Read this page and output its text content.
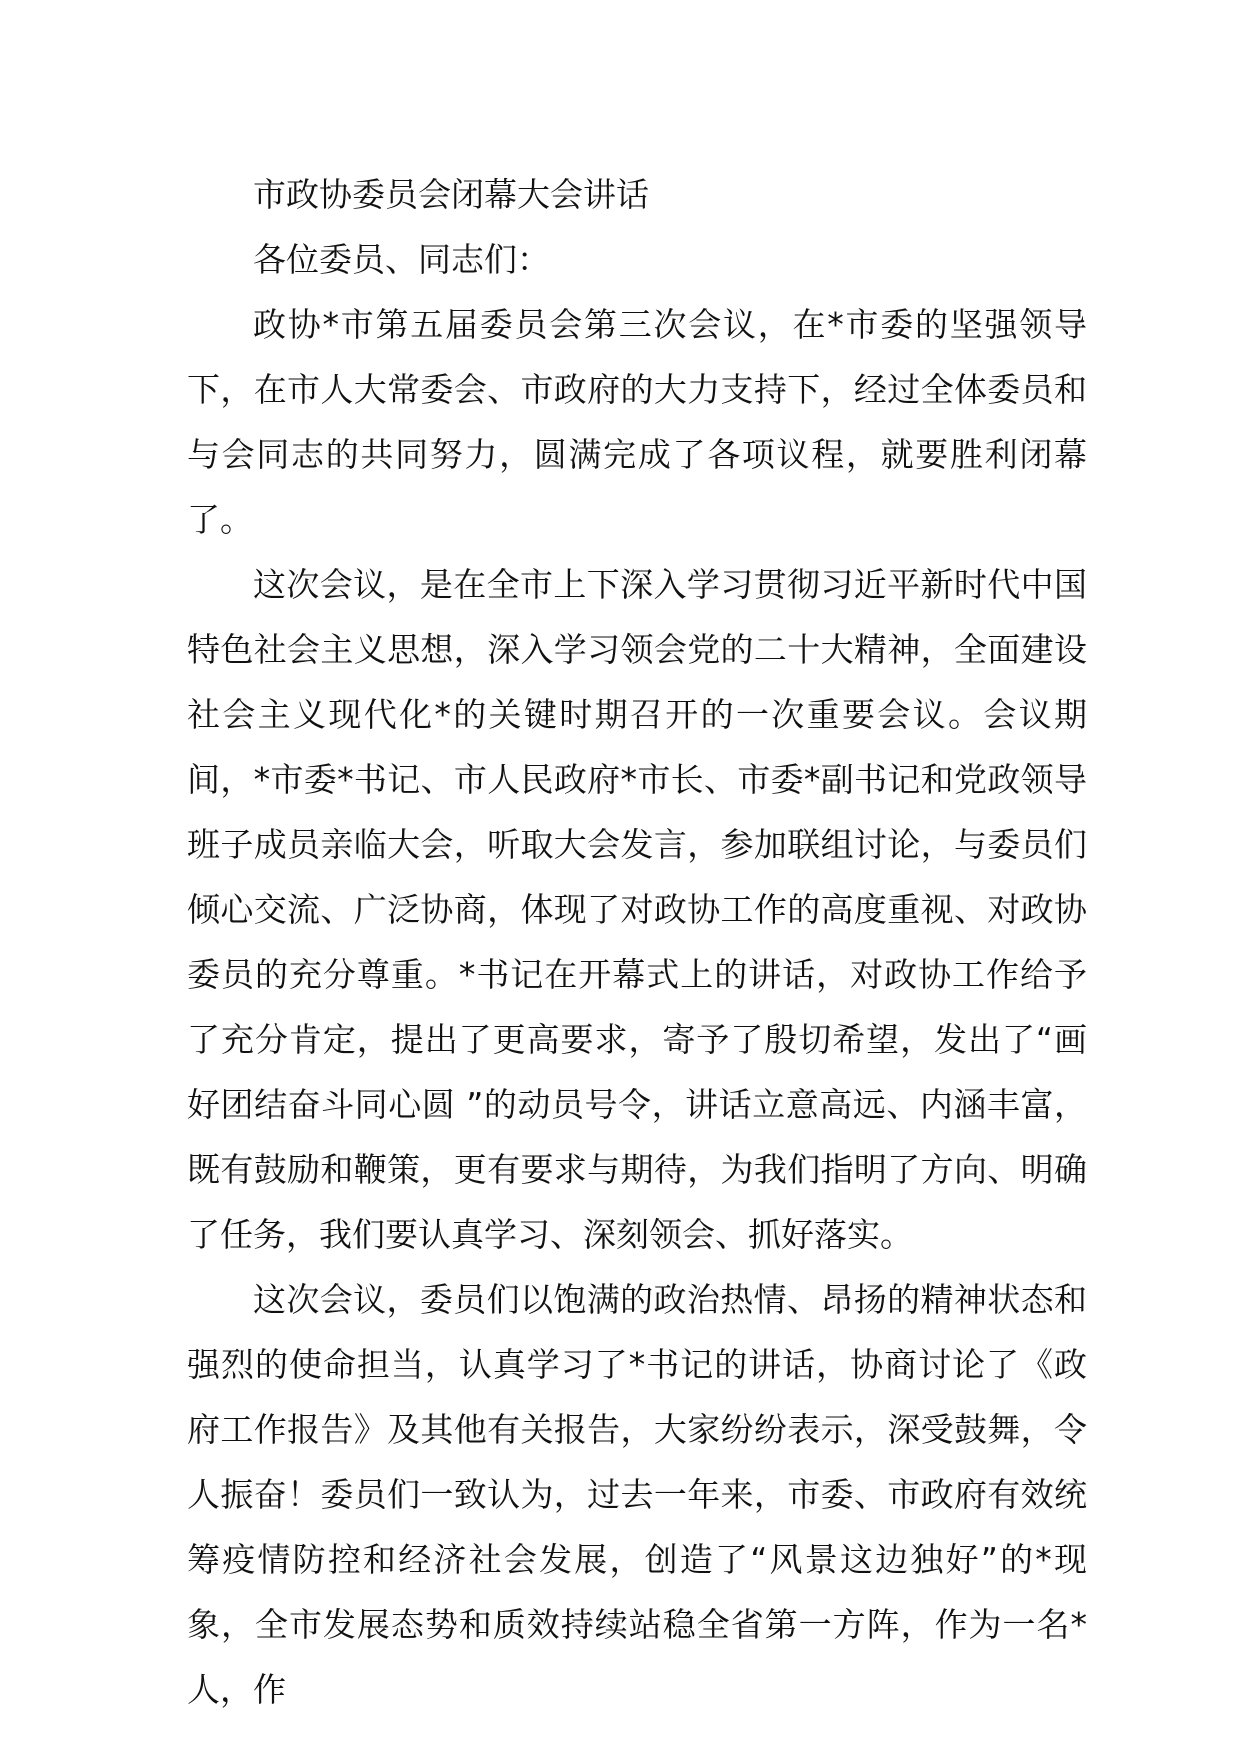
市政协委员会闭幕大会讲话

各位委员、同志们：

政协*市第五届委员会第三次会议，在*市委的坚强领导下，在市人大常委会、市政府的大力支持下，经过全体委员和与会同志的共同努力，圆满完成了各项议程，就要胜利闭幕了。

这次会议，是在全市上下深入学习贯彻习近平新时代中国特色社会主义思想，深入学习领会党的二十大精神，全面建设社会主义现代化*的关键时期召开的一次重要会议。会议期间，*市委*书记、市人民政府*市长、市委*副书记和党政领导班子成员亲临大会，听取大会发言，参加联组讨论，与委员们倾心交流、广泛协商，体现了对政协工作的高度重视、对政协委员的充分尊重。*书记在开幕式上的讲话，对政协工作给予了充分肯定，提出了更高要求，寄予了殷切希望，发出了“画好团结奋斗同心圆 ”的动员号令，讲话立意高远、内涵丰富，既有鼓励和鞭策，更有要求与期待，为我们指明了方向、明确了任务，我们要认真学习、深刻领会、抓好落实。

这次会议，委员们以饱满的政治热情、昂扬的精神状态和强烈的使命担当，认真学习了*书记的讲话，协商讨论了《政府工作报告》及其他有关报告，大家纷纷表示，深受鼓舞，令人振奋！委员们一致认为，过去一年来，市委、市政府有效统筹疫情防控和经济社会发展，创造了“风景这边独好”的*现象，全市发展态势和质效持续站稳全省第一方阵，作为一名*人，作
